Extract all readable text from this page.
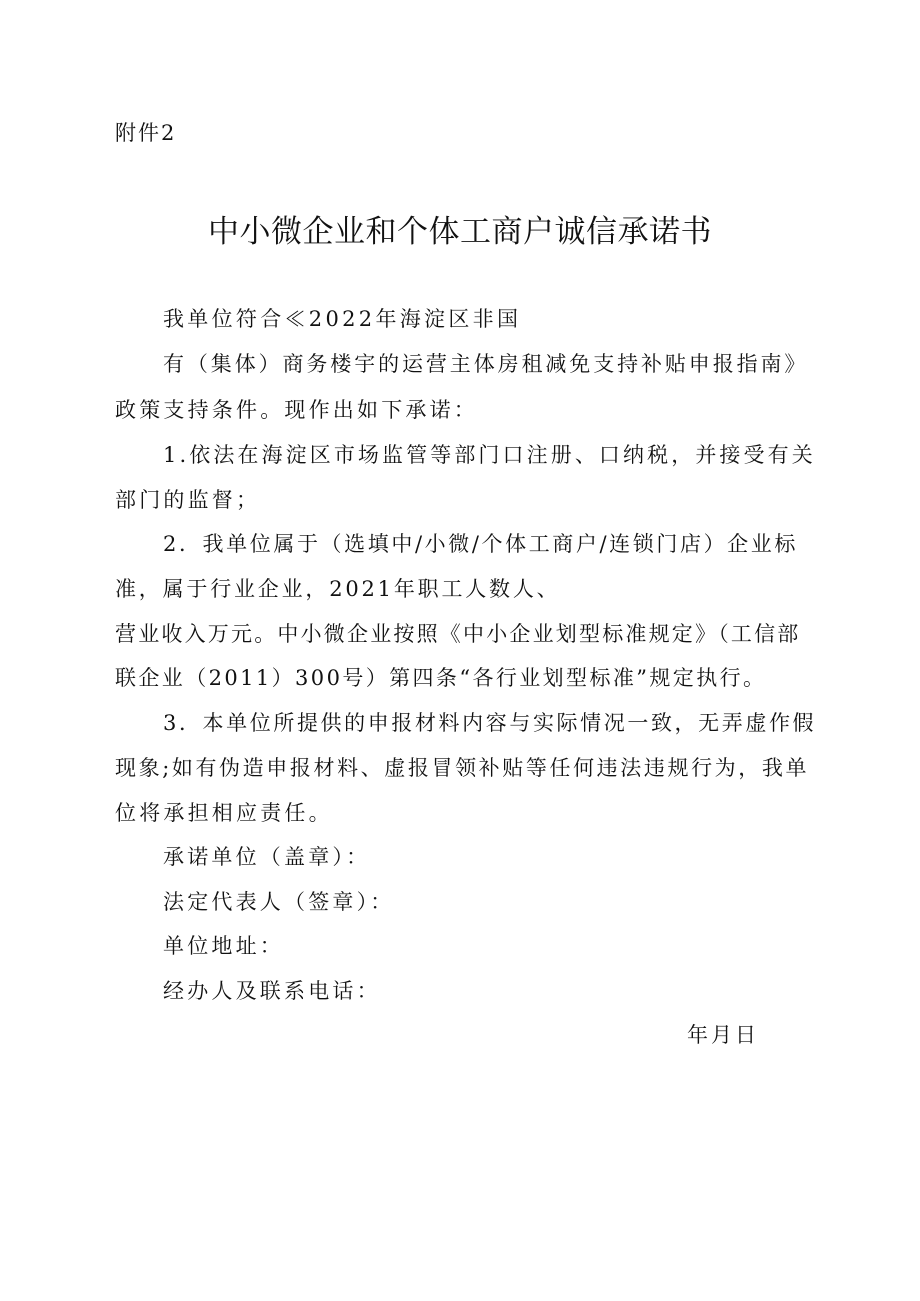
附件2
中小微企业和个体工商户诚信承诺书
我单位符合≪2022年海淀区非国
有（集体）商务楼宇的运营主体房租减免支持补贴申报指南》
政策支持条件。现作出如下承诺：
1.依法在海淀区市场监管等部门口注册、口纳税，并接受有关
部门的监督；
2．我单位属于（选填中/小微/个体工商户/连锁门店）企业标
准，属于行业企业，2021年职工人数人、
营业收入万元。中小微企业按照《中小企业划型标准规定》（工信部
联企业（2011）300号）第四条“各行业划型标准”规定执行。
3．本单位所提供的申报材料内容与实际情况一致，无弄虚作假
现象;如有伪造申报材料、虚报冒领补贴等任何违法违规行为，我单
位将承担相应责任。
承诺单位（盖章）：
法定代表人（签章）：
单位地址：
经办人及联系电话：
年月日
